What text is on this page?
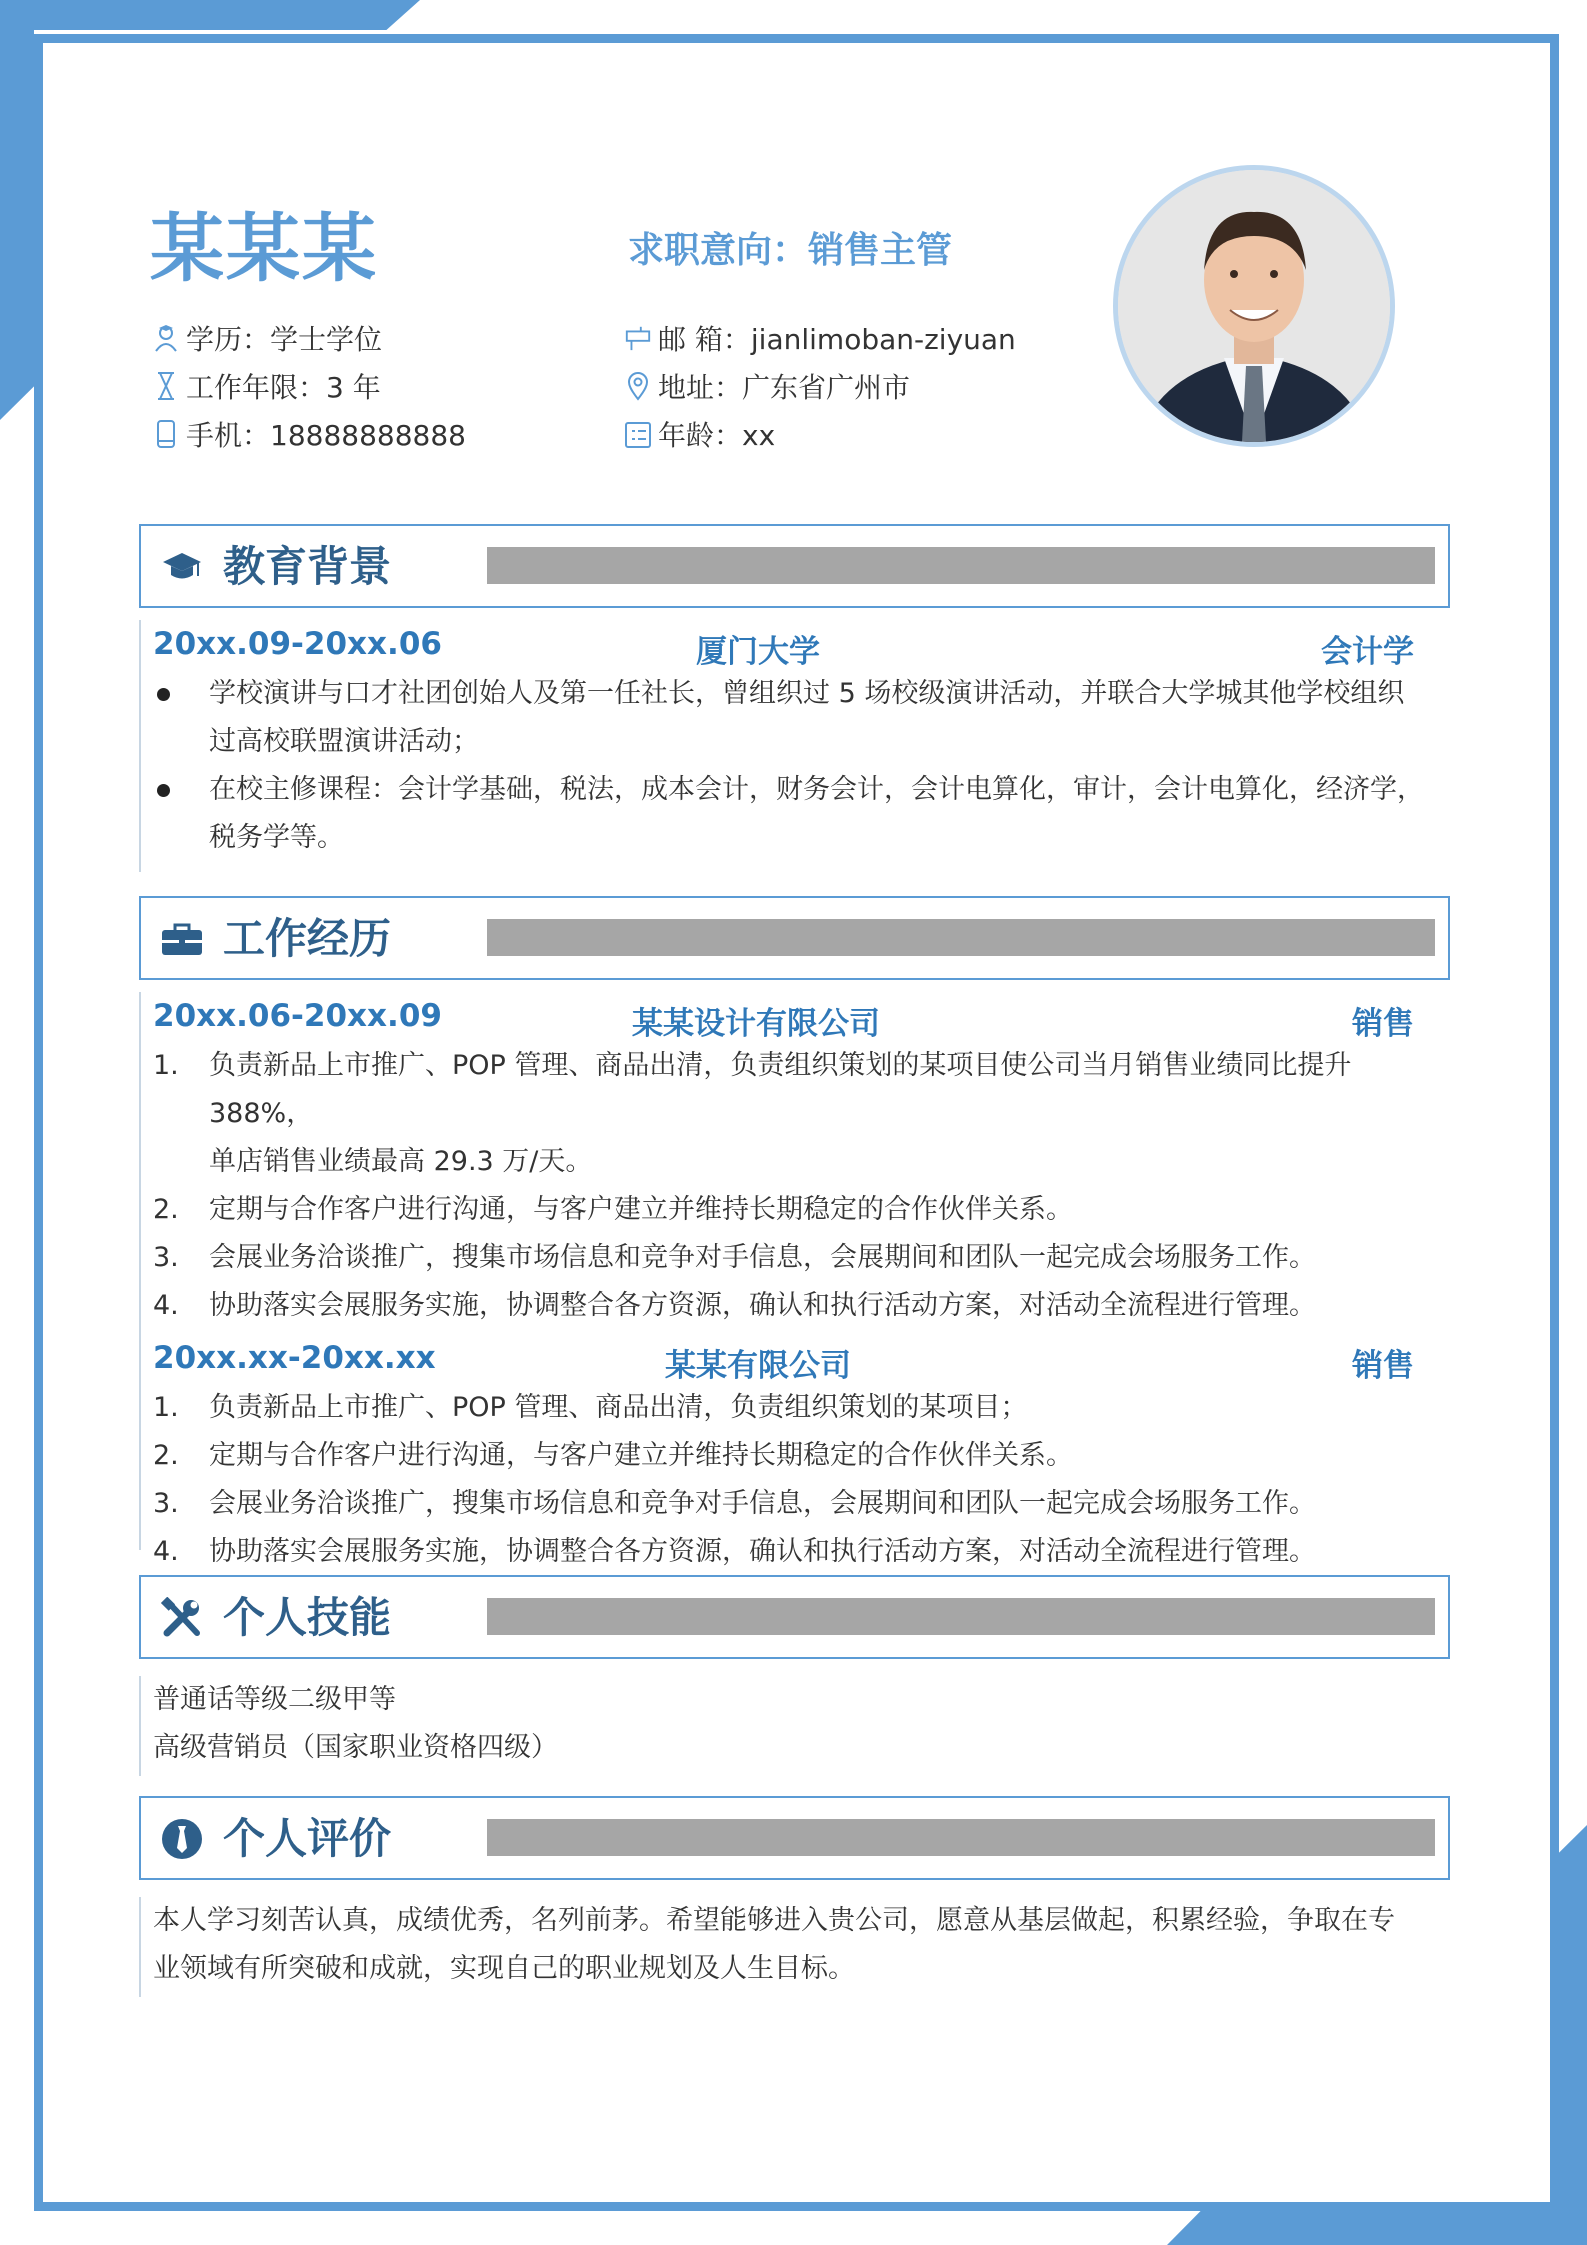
某某某	求职意向：销售主管
学历：学士学位
工作年限：3 年
手机：18888888888
邮 箱：jianlimoban-ziyuan
地址：广东省广州市
年龄：xx
教育背景
20xx.09-20xx.06	厦门大学	会计学
学校演讲与口才社团创始人及第一任社长，曾组织过 5 场校级演讲活动，并联合大学城其他学校组织
过高校联盟演讲活动；
在校主修课程：会计学基础，税法，成本会计，财务会计，会计电算化，审计，会计电算化，经济学，
税务学等。
工作经历
20xx.06-20xx.09	某某设计有限公司	销售
1. 负责新品上市推广、POP 管理、商品出清，负责组织策划的某项目使公司当月销售业绩同比提升 388%，
单店销售业绩最高 29.3 万/天。
2. 定期与合作客户进行沟通，与客户建立并维持长期稳定的合作伙伴关系。
3. 会展业务洽谈推广，搜集市场信息和竞争对手信息，会展期间和团队一起完成会场服务工作。
4. 协助落实会展服务实施，协调整合各方资源，确认和执行活动方案，对活动全流程进行管理。
20xx.xx-20xx.xx	某某有限公司	销售
1. 负责新品上市推广、POP 管理、商品出清，负责组织策划的某项目；
2. 定期与合作客户进行沟通，与客户建立并维持长期稳定的合作伙伴关系。
3. 会展业务洽谈推广，搜集市场信息和竞争对手信息，会展期间和团队一起完成会场服务工作。
4. 协助落实会展服务实施，协调整合各方资源，确认和执行活动方案，对活动全流程进行管理。
个人技能
普通话等级二级甲等
高级营销员（国家职业资格四级）
个人评价
本人学习刻苦认真，成绩优秀，名列前茅。希望能够进入贵公司，愿意从基层做起，积累经验，争取在专
业领域有所突破和成就，实现自己的职业规划及人生目标。
